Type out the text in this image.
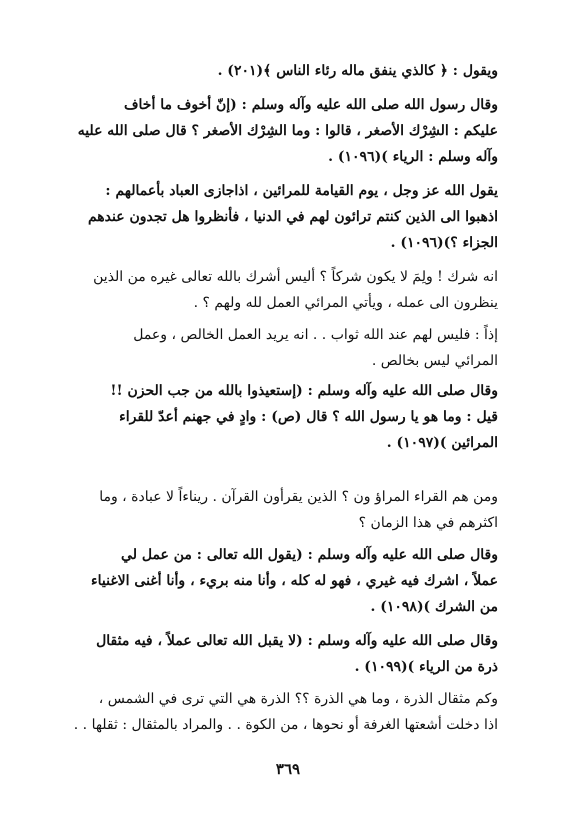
ويقول : ﴿ كالذي ينفق ماله رئاء الناس ﴾(٢٠١) .
وقال رسول الله صلى الله عليه وآله وسلم : (إنّ أخوف ما أخاف
عليكم : الشِرْك الأصغر ، قالوا : وما الشِرْك الأصغر ؟ قال صلى الله عليه
وآله وسلم : الرياء )(١٠٩٦) .
يقول الله عز وجل ، يوم القيامة للمرائين ، اذاجازى العباد بأعمالهم :
اذهبوا الى الذين كنتم ترائون لهم في الدنيا ، فأنظروا هل تجدون عندهم
الجزاء ؟)(١٠٩٦) .
انه شرك ! ولِمَ لا يكون شركاً ؟ أليس أشرك بالله تعالى غيره من الذين
ينظرون الى عمله ، ويأتي المرائي العمل لله ولهم ؟ .
إذاً : فليس لهم عند الله ثواب . . انه يريد العمل الخالص ، وعمل
المرائي ليس بخالص .
وقال صلى الله عليه وآله وسلم : (إستعيذوا بالله من جب الحزن !!
قيل : وما هو يا رسول الله ؟ قال (ص) : وادٍ في جهنم أعدّ للقراء
المرائين )(١٠٩٧) .
ومن هم القراء المراؤ ون ؟ الذين يقرأون القرآن . ريناءاً لا عبادة ، وما
اكثرهم في هذا الزمان ؟
وقال صلى الله عليه وآله وسلم : (يقول الله تعالى : من عمل لي
عملاً ، اشرك فيه غيري ، فهو له كله ، وأنا منه بريء ، وأنا أغنى الاغنياء
من الشرك )(١٠٩٨) .
وقال صلى الله عليه وآله وسلم : (لا يقبل الله تعالى عملاً ، فيه مثقال
ذرة من الرياء )(١٠٩٩) .
وكم مثقال الذرة ، وما هي الذرة ؟؟ الذرة هي التي ترى في الشمس ،
اذا دخلت أشعتها الغرفة أو نحوها ، من الكوة . . والمراد بالمثقال : ثقلها . .
٣٦٩
